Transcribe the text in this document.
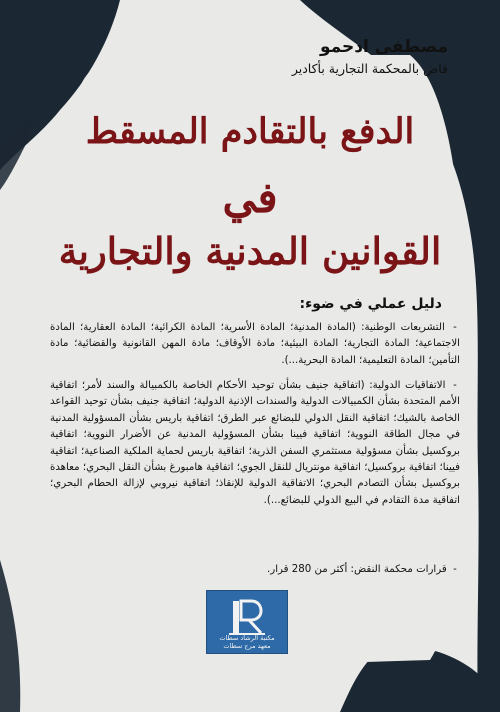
مصطفى ادحمو
قاض بالمحكمة التجارية بأكادير
الدفع بالتقادم المسقط
في
القوانين المدنية والتجارية
دليل عملي في ضوء:
- التشريعات الوطنية: (المادة المدنية؛ المادة الأسرية؛ المادة الكرائية؛ المادة العقارية؛ المادة الاجتماعية؛ المادة التجارية؛ المادة البيئية؛ مادة الأوقاف؛ مادة المهن القانونية والقضائية؛ مادة التأمين؛ المادة التعليمية؛ المادة البحرية...).
- الاتفاقيات الدولية: (اتفاقية جنيف بشأن توحيد الأحكام الخاصة بالكمبيالة والسند لأمر؛ اتفاقية الأمم المتحدة بشأن الكمبيالات الدولية والسندات الإذنية الدولية؛ اتفاقية جنيف بشأن توحيد القواعد الخاصة بالشيك؛ اتفاقية النقل الدولي للبضائع عبر الطرق؛ اتفاقية باريس بشأن المسؤولية المدنية في مجال الطاقة النووية؛ اتفاقية فيينا بشأن المسؤولية المدنية عن الأضرار النووية؛ اتفاقية بروكسيل بشأن مسؤولية مستثمري السفن الذرية؛ اتفاقية باريس لحماية الملكية الصناعية؛ اتفاقية فيينا؛ اتفاقية بروكسيل؛ اتفاقية مونتريال للنقل الجوي؛ اتفاقية هامبورغ بشأن النقل البحري؛ معاهدة بروكسيل بشأن التصادم البحري؛ الاتفاقية الدولية للإنقاذ؛ اتفاقية نيروبي لإزالة الحطام البحري؛ اتفاقية مدة التقادم في البيع الدولي للبضائع...).
- قرارات محكمة النقض: أكثر من 280 قرار.
مكتبة الرشاد سطات
معهد مرج سطات
